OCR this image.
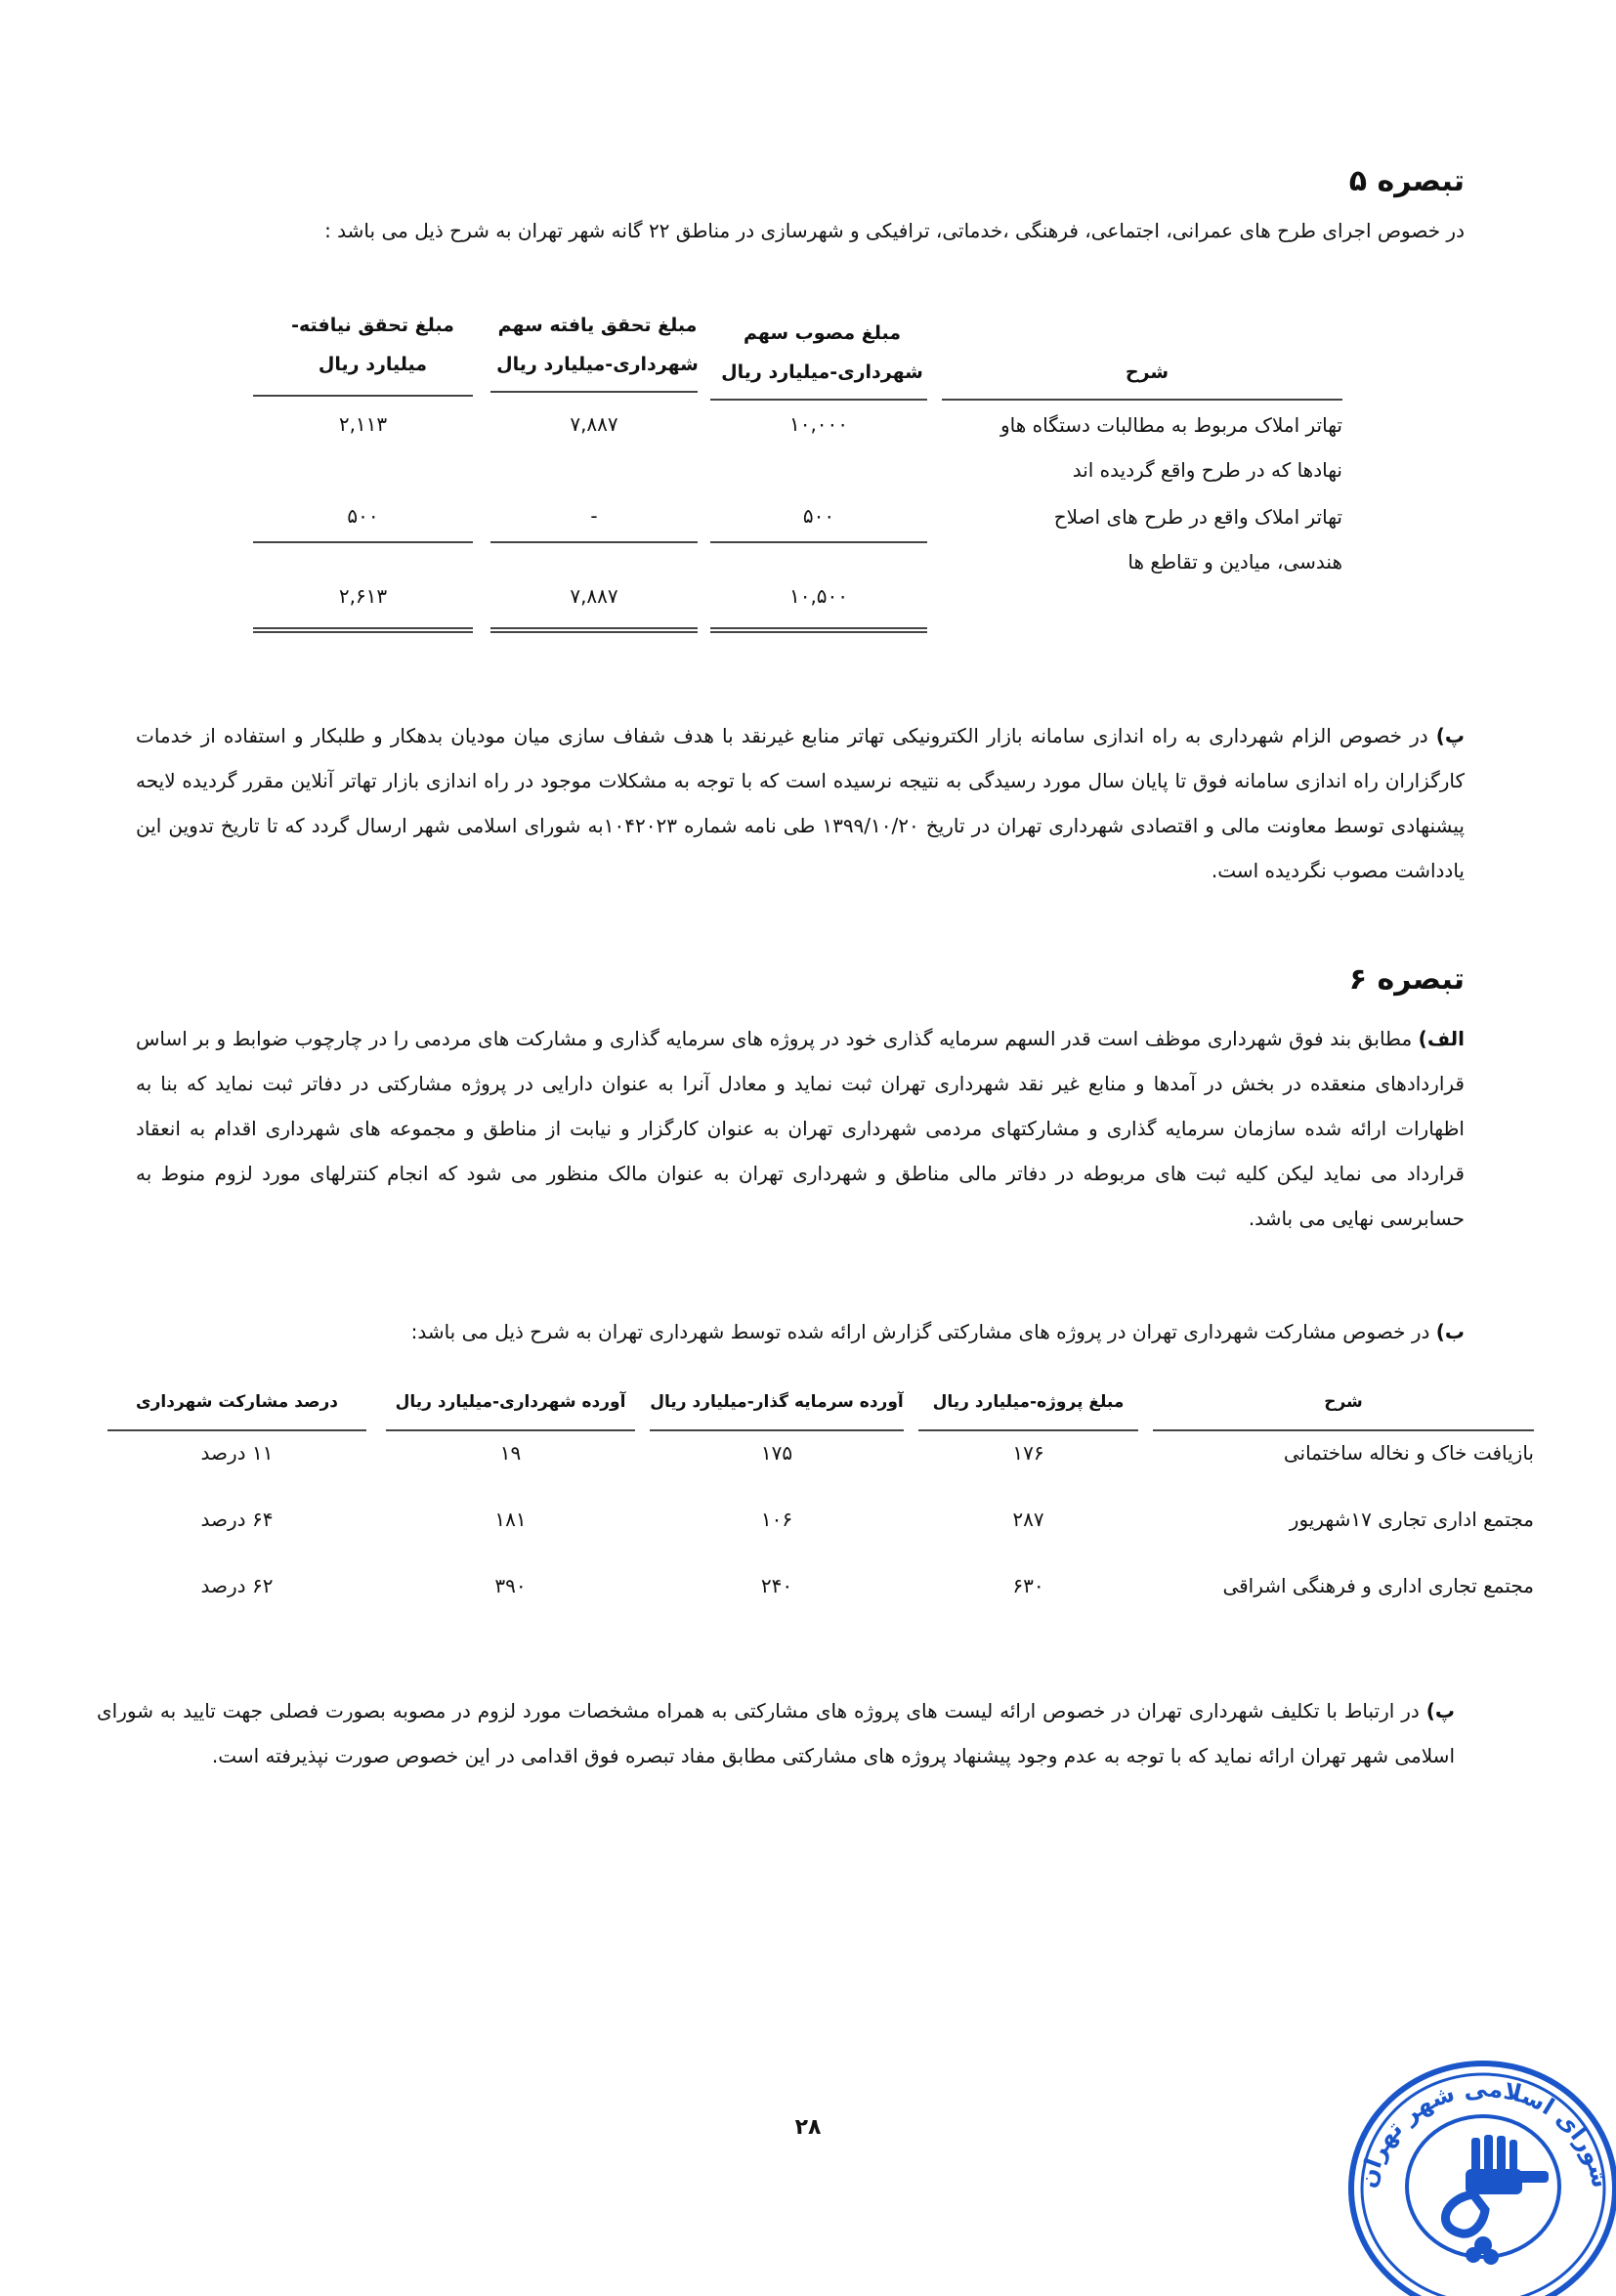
تبصره ۵
در خصوص اجرای طرح های عمرانی، اجتماعی، فرهنگی ،خدماتی، ترافیکی و شهرسازی در مناطق ۲۲ گانه شهر تهران به شرح ذیل می باشد :
شرح
مبلغ مصوب سهم
شهرداری-میلیارد ریال
مبلغ تحقق یافته سهم
شهرداری-میلیارد ریال
مبلغ تحقق نیافته-
میلیارد ریال
تهاتر املاک مربوط به مطالبات دستگاه هاو
نهادها که در طرح واقع گردیده اند
۱۰,۰۰۰
۷,۸۸۷
۲,۱۱۳
تهاتر املاک واقع در طرح های اصلاح
هندسی، میادین و تقاطع ها
۵۰۰
-
۵۰۰
۱۰,۵۰۰
۷,۸۸۷
۲,۶۱۳
پ) در خصوص الزام شهرداری به راه اندازی سامانه بازار الکترونیکی تهاتر منابع غیرنقد با هدف شفاف سازی میان مودیان بدهکار و طلبکار و استفاده از خدمات کارگزاران راه اندازی سامانه فوق تا پایان سال مورد رسیدگی به نتیجه نرسیده است که با توجه به مشکلات موجود در راه اندازی بازار تهاتر آنلاین مقرر گردیده لایحه پیشنهادی توسط معاونت مالی و اقتصادی شهرداری تهران در تاریخ ۱۳۹۹/۱۰/۲۰ طی نامه شماره ۱۰۴۲۰۲۳به شورای اسلامی شهر ارسال گردد که تا تاریخ تدوین این یادداشت مصوب نگردیده است.
تبصره ۶
الف) مطابق بند فوق شهرداری موظف است قدر السهم سرمایه گذاری خود در پروژه های سرمایه گذاری و مشارکت های مردمی را در چارچوب ضوابط و بر اساس قراردادهای منعقده در بخش در آمدها و منابع غیر نقد شهرداری تهران ثبت نماید و معادل آنرا به عنوان دارایی در پروژه مشارکتی در دفاتر ثبت نماید که بنا به اظهارات ارائه شده سازمان سرمایه گذاری و مشارکتهای مردمی شهرداری تهران به عنوان کارگزار و نیابت از مناطق و مجموعه های شهرداری اقدام به انعقاد قرارداد می نماید لیکن کلیه ثبت های مربوطه در دفاتر مالی مناطق و شهرداری تهران به عنوان مالک منظور می شود که انجام کنترلهای مورد لزوم منوط به حسابرسی نهایی می باشد.
ب) در خصوص مشارکت شهرداری تهران در پروژه های مشارکتی گزارش ارائه شده توسط شهرداری تهران به شرح ذیل می باشد:
شرح
مبلغ پروژه-میلیارد ریال
آورده سرمایه گذار-میلیارد ریال
آورده شهرداری-میلیارد ریال
درصد مشارکت شهرداری
بازیافت خاک و نخاله ساختمانی
۱۷۶
۱۷۵
۱۹
۱۱ درصد
مجتمع اداری تجاری ۱۷شهریور
۲۸۷
۱۰۶
۱۸۱
۶۴ درصد
مجتمع تجاری اداری و فرهنگی اشراقی
۶۳۰
۲۴۰
۳۹۰
۶۲ درصد
پ) در ارتباط با تکلیف شهرداری تهران در خصوص ارائه لیست های پروژه های مشارکتی به همراه مشخصات مورد لزوم در مصوبه بصورت فصلی جهت تایید به شورای اسلامی شهر تهران ارائه نماید که با توجه به عدم وجود پیشنهاد پروژه های مشارکتی مطابق مفاد تبصره فوق اقدامی در این خصوص صورت نپذیرفته است.
۲۸
شورای اسلامی شهر تهران
